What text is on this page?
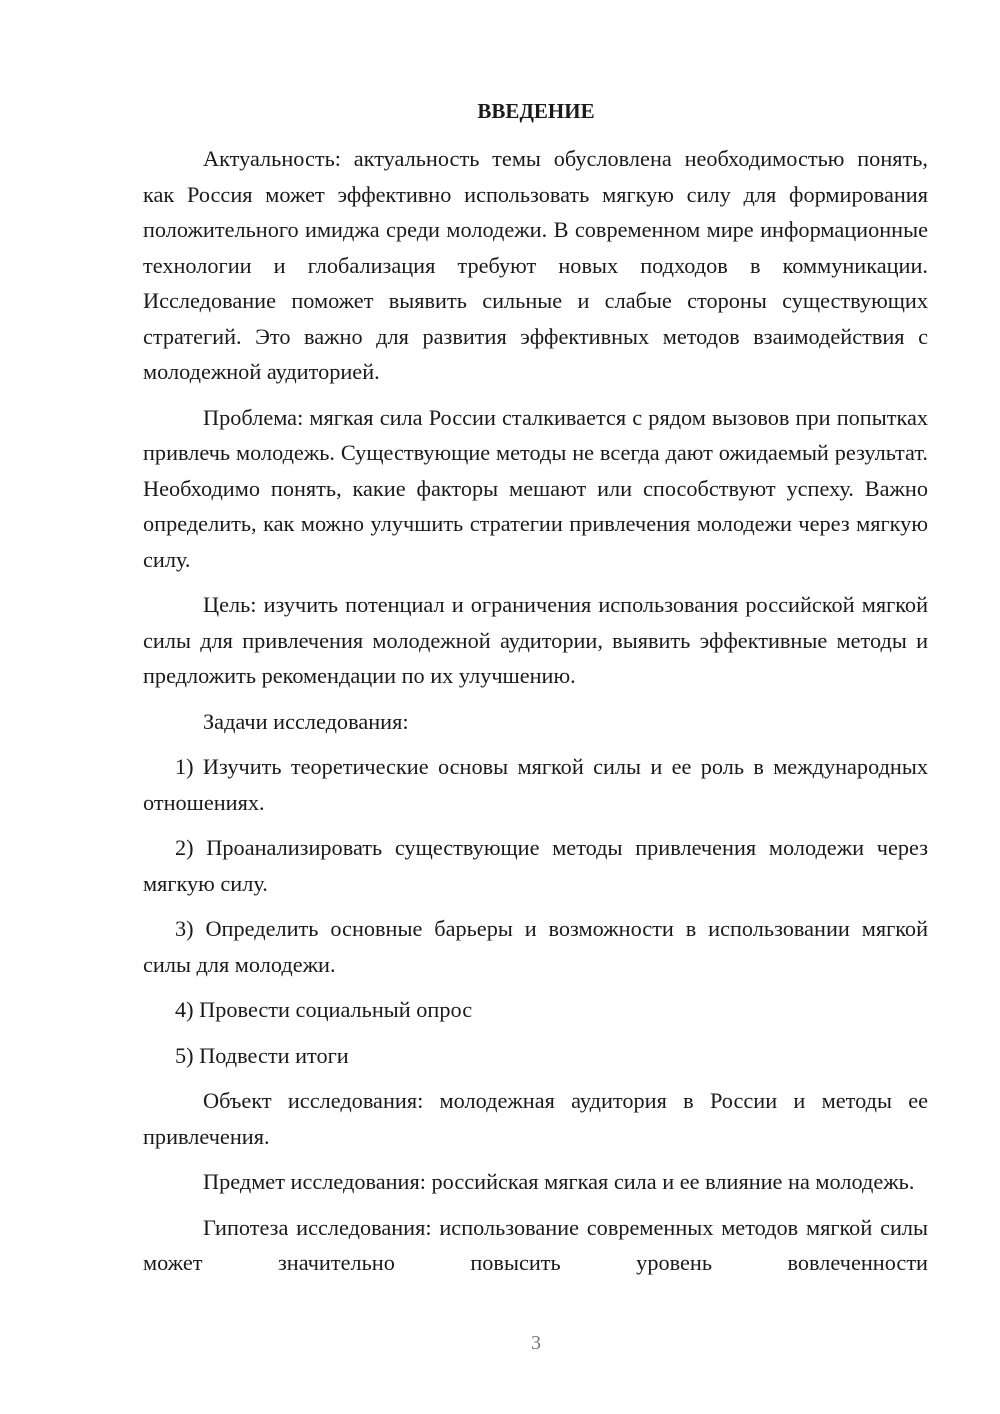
ВВЕДЕНИЕ

Актуальность: актуальность темы обусловлена необходимостью понять, как Россия может эффективно использовать мягкую силу для формирования положительного имиджа среди молодежи. В современном мире информационные технологии и глобализация требуют новых подходов в коммуникации. Исследование поможет выявить сильные и слабые стороны существующих стратегий. Это важно для развития эффективных методов взаимодействия с молодежной аудиторией.

Проблема: мягкая сила России сталкивается с рядом вызовов при попытках привлечь молодежь. Существующие методы не всегда дают ожидаемый результат. Необходимо понять, какие факторы мешают или способствуют успеху. Важно определить, как можно улучшить стратегии привлечения молодежи через мягкую силу.

Цель: изучить потенциал и ограничения использования российской мягкой силы для привлечения молодежной аудитории, выявить эффективные методы и предложить рекомендации по их улучшению.

Задачи исследования:

1) Изучить теоретические основы мягкой силы и ее роль в международных отношениях.

2) Проанализировать существующие методы привлечения молодежи через мягкую силу.

3) Определить основные барьеры и возможности в использовании мягкой силы для молодежи.

4) Провести социальный опрос

5) Подвести итоги

Объект исследования: молодежная аудитория в России и методы ее привлечения.

Предмет исследования: российская мягкая сила и ее влияние на молодежь.

Гипотеза исследования: использование современных методов мягкой силы может значительно повысить уровень вовлеченности

3
